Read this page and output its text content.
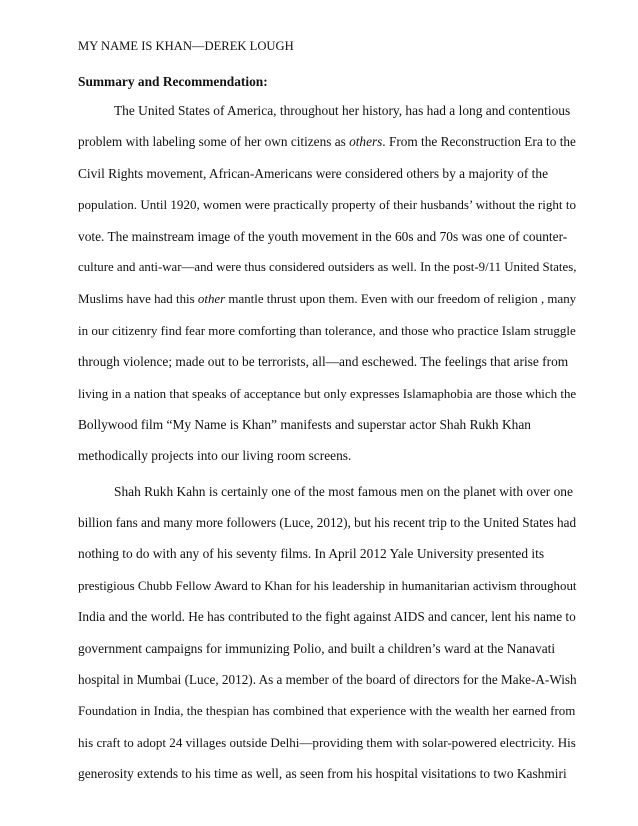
MY NAME IS KHAN—DEREK LOUGH
Summary and Recommendation:

The United States of America, throughout her history, has had a long and contentious
problem with labeling some of her own citizens as others. From the Reconstruction Era to the
Civil Rights movement, African-Americans were considered others by a majority of the
population. Until 1920, women were practically property of their husbands’ without the right to
vote. The mainstream image of the youth movement in the 60s and 70s was one of counter-
culture and anti-war—and were thus considered outsiders as well. In the post-9/11 United States,
Muslims have had this other mantle thrust upon them. Even with our freedom of religion , many
in our citizenry find fear more comforting than tolerance, and those who practice Islam struggle
through violence; made out to be terrorists, all—and eschewed. The feelings that arise from
living in a nation that speaks of acceptance but only expresses Islamaphobia are those which the
Bollywood film “My Name is Khan” manifests and superstar actor Shah Rukh Khan
methodically projects into our living room screens.

Shah Rukh Kahn is certainly one of the most famous men on the planet with over one
billion fans and many more followers (Luce, 2012), but his recent trip to the United States had
nothing to do with any of his seventy films. In April 2012 Yale University presented its
prestigious Chubb Fellow Award to Khan for his leadership in humanitarian activism throughout
India and the world. He has contributed to the fight against AIDS and cancer, lent his name to
government campaigns for immunizing Polio, and built a children’s ward at the Nanavati
hospital in Mumbai (Luce, 2012). As a member of the board of directors for the Make-A-Wish
Foundation in India, the thespian has combined that experience with the wealth her earned from
his craft to adopt 24 villages outside Delhi—providing them with solar-powered electricity. His
generosity extends to his time as well, as seen from his hospital visitations to two Kashmiri
